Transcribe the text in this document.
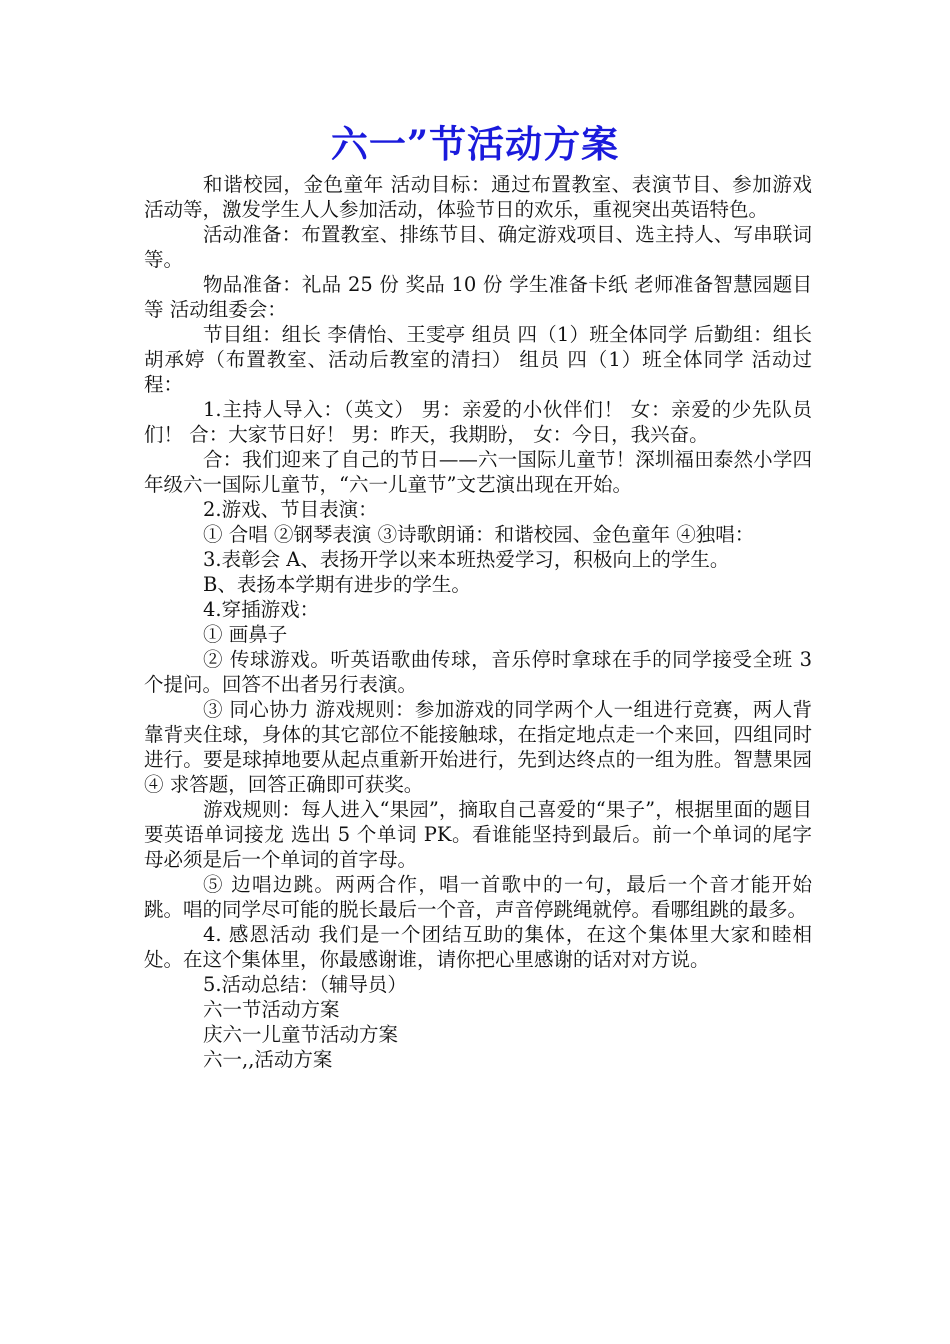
六一”节活动方案

和谐校园，金色童年 活动目标：通过布置教室、表演节目、参加游戏活动等，激发学生人人参加活动，体验节日的欢乐，重视突出英语特色。

活动准备：布置教室、排练节目、确定游戏项目、选主持人、写串联词等。

物品准备：礼品 25 份 奖品 10 份 学生准备卡纸 老师准备智慧园题目等 活动组委会：

节目组：组长 李倩怡、王雯亭 组员 四（1）班全体同学 后勤组：组长 胡承婷（布置教室、活动后教室的清扫） 组员 四（1）班全体同学 活动过程：

1.主持人导入：（英文） 男：亲爱的小伙伴们！ 女：亲爱的少先队员们！ 合：大家节日好！ 男：昨天，我期盼， 女：今日，我兴奋。

合：我们迎来了自己的节日——六一国际儿童节！深圳福田泰然小学四年级六一国际儿童节，“六一儿童节”文艺演出现在开始。

2.游戏、节目表演：

① 合唱 ②钢琴表演 ③诗歌朗诵：和谐校园、金色童年 ④独唱：

3.表彰会 A、表扬开学以来本班热爱学习，积极向上的学生。

B、表扬本学期有进步的学生。

4.穿插游戏：

① 画鼻子

② 传球游戏。听英语歌曲传球，音乐停时拿球在手的同学接受全班 3 个提问。回答不出者另行表演。

③ 同心协力 游戏规则：参加游戏的同学两个人一组进行竞赛，两人背靠背夹住球，身体的其它部位不能接触球，在指定地点走一个来回，四组同时进行。要是球掉地要从起点重新开始进行，先到达终点的一组为胜。智慧果园 ④ 求答题，回答正确即可获奖。

游戏规则：每人进入“果园”，摘取自己喜爱的“果子”，根据里面的题目要英语单词接龙 选出 5 个单词 PK。看谁能坚持到最后。前一个单词的尾字母必须是后一个单词的首字母。

⑤ 边唱边跳。两两合作，唱一首歌中的一句，最后一个音才能开始跳。唱的同学尽可能的脱长最后一个音，声音停跳绳就停。看哪组跳的最多。

4. 感恩活动 我们是一个团结互助的集体，在这个集体里大家和睦相处。在这个集体里，你最感谢谁，请你把心里感谢的话对对方说。

5.活动总结：（辅导员）

六一节活动方案

庆六一儿童节活动方案

六一,,活动方案
